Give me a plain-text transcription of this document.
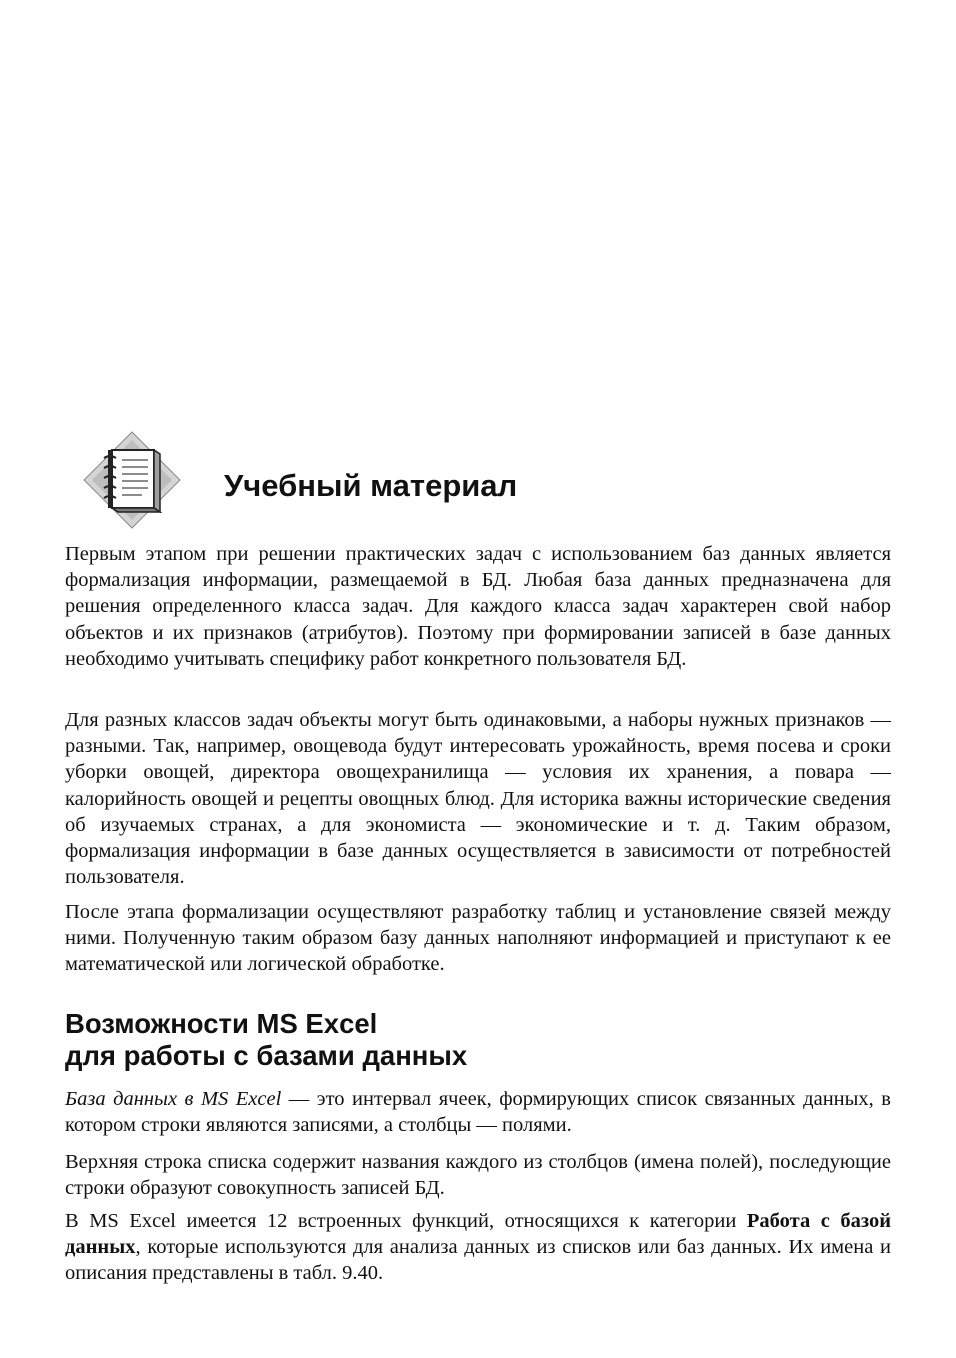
Учебный материал

Первым этапом при решении практических задач с использованием баз данных является формализация информации, размещаемой в БД. Любая база данных предназначена для решения определенного класса задач. Для каждого класса задач характерен свой набор объектов и их признаков (атрибутов). Поэтому при формировании записей в базе данных необходимо учитывать специфику работ конкретного пользователя БД.

Для разных классов задач объекты могут быть одинаковыми, а наборы нужных признаков — разными. Так, например, овощевода будут интересовать урожайность, время посева и сроки уборки овощей, директора овощехранилища — условия их хранения, а повара — калорийность овощей и рецепты овощных блюд. Для историка важны исторические сведения об изучаемых странах, а для экономиста — экономические и т. д. Таким образом, формализация информации в базе данных осуществляется в зависимости от потребностей пользователя.

После этапа формализации осуществляют разработку таблиц и установление связей между ними. Полученную таким образом базу данных наполняют информацией и приступают к ее математической или логической обработке.

Возможности MS Excel
для работы с базами данных

База данных в MS Excel — это интервал ячеек, формирующих список связанных данных, в котором строки являются записями, а столбцы — полями.

Верхняя строка списка содержит названия каждого из столбцов (имена полей), последующие строки образуют совокупность записей БД.

В MS Excel имеется 12 встроенных функций, относящихся к категории Работа с базой данных, которые используются для анализа данных из списков или баз данных. Их имена и описания представлены в табл. 9.40.
